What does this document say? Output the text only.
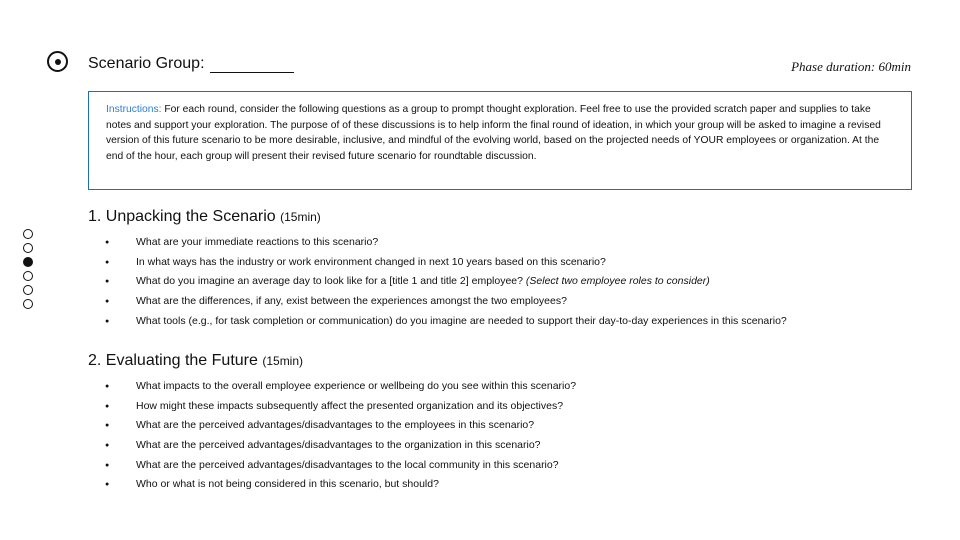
Scenario Group:	Phase duration: 60min
Instructions: For each round, consider the following questions as a group to prompt thought exploration. Feel free to use the provided scratch paper and supplies to take notes and support your exploration. The purpose of of these discussions is to help inform the final round of ideation, in which your group will be asked to imagine a revised version of this future scenario to be more desirable, inclusive, and mindful of the evolving world, based on the projected needs of YOUR employees or organization. At the end of the hour, each group will present their revised future scenario for roundtable discussion.
1. Unpacking the Scenario (15min)
● What are your immediate reactions to this scenario?
● In what ways has the industry or work environment changed in next 10 years based on this scenario?
● What do you imagine an average day to look like for a [title 1 and title 2] employee? (Select two employee roles to consider)
● What are the differences, if any, exist between the experiences amongst the two employees?
● What tools (e.g., for task completion or communication) do you imagine are needed to support their day-to-day experiences in this scenario?
2. Evaluating the Future (15min)
● What impacts to the overall employee experience or wellbeing do you see within this scenario?
● How might these impacts subsequently affect the presented organization and its objectives?
● What are the perceived advantages/disadvantages to the employees in this scenario?
● What are the perceived advantages/disadvantages to the organization in this scenario?
● What are the perceived advantages/disadvantages to the local community in this scenario?
● Who or what is not being considered in this scenario, but should?
